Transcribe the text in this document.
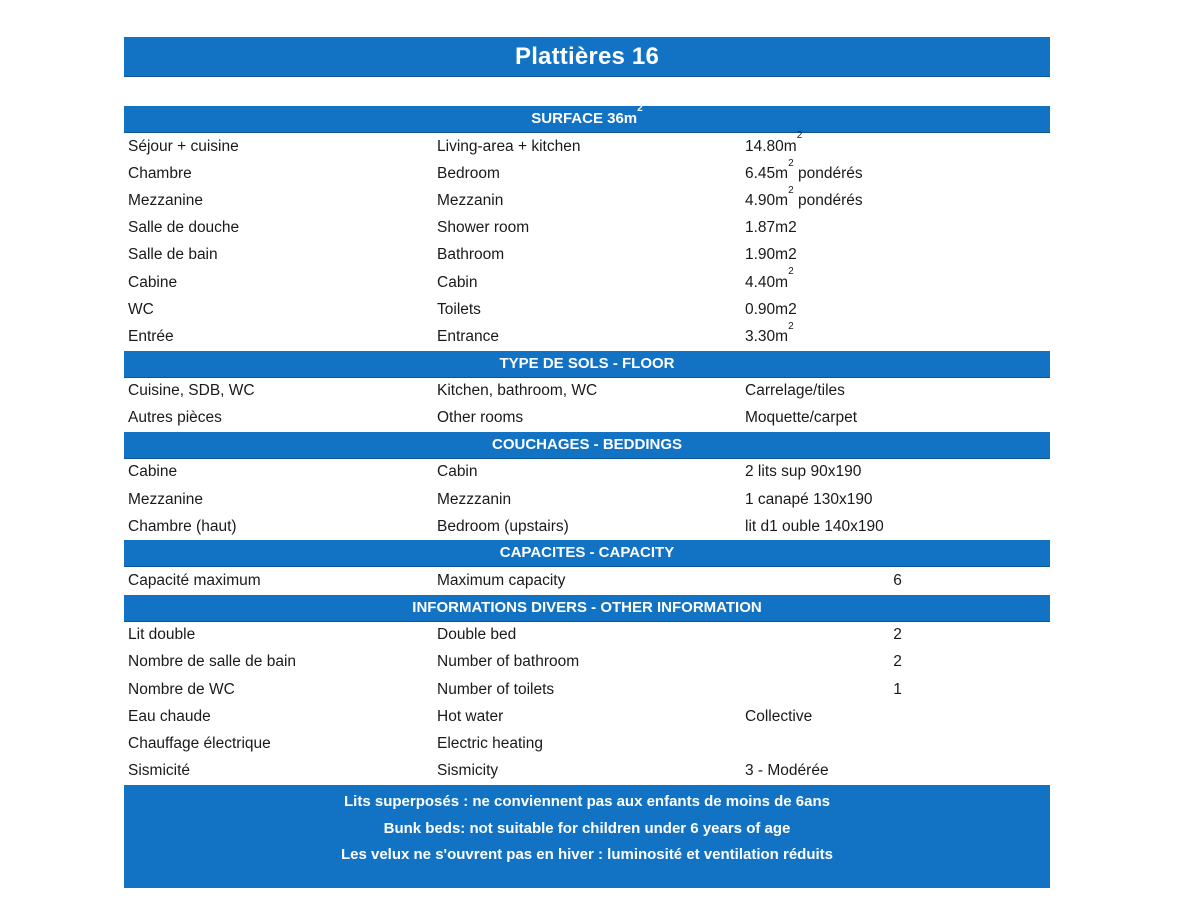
Plattières 16
SURFACE $36m^2$
Séjour + cuisine	Living-area + kitchen	$14.80m^2$
Chambre	Bedroom	$6.45m^2$ pondérés
Mezzanine	Mezzanin	$4.90m^2$ pondérés
Salle de douche	Shower room	1.87m2
Salle de bain	Bathroom	1.90m2
Cabine	Cabin	$4.40m^2$
WC	Toilets	0.90m2
Entrée	Entrance	$3.30m^2$
TYPE DE SOLS - FLOOR
Cuisine, SDB, WC	Kitchen, bathroom, WC	Carrelage/tiles
Autres pièces	Other rooms	Moquette/carpet
COUCHAGES - BEDDINGS
Cabine	Cabin	2 lits sup 90x190
Mezzanine	Mezzzanin	1 canapé 130x190
Chambre (haut)	Bedroom (upstairs)	lit d1 ouble 140x190
CAPACITES - CAPACITY
Capacité maximum	Maximum capacity	6
INFORMATIONS DIVERS - OTHER INFORMATION
Lit double	Double bed	2
Nombre de salle de bain	Number of bathroom	2
Nombre de WC	Number of toilets	1
Eau chaude	Hot water	Collective
Chauffage électrique	Electric heating
Sismicité	Sismicity	3 - Modérée
Lits superposés : ne conviennent pas aux enfants de moins de 6ans
Bunk beds: not suitable for children under 6 years of age
Les velux ne s'ouvrent pas en hiver : luminosité et ventilation réduits
